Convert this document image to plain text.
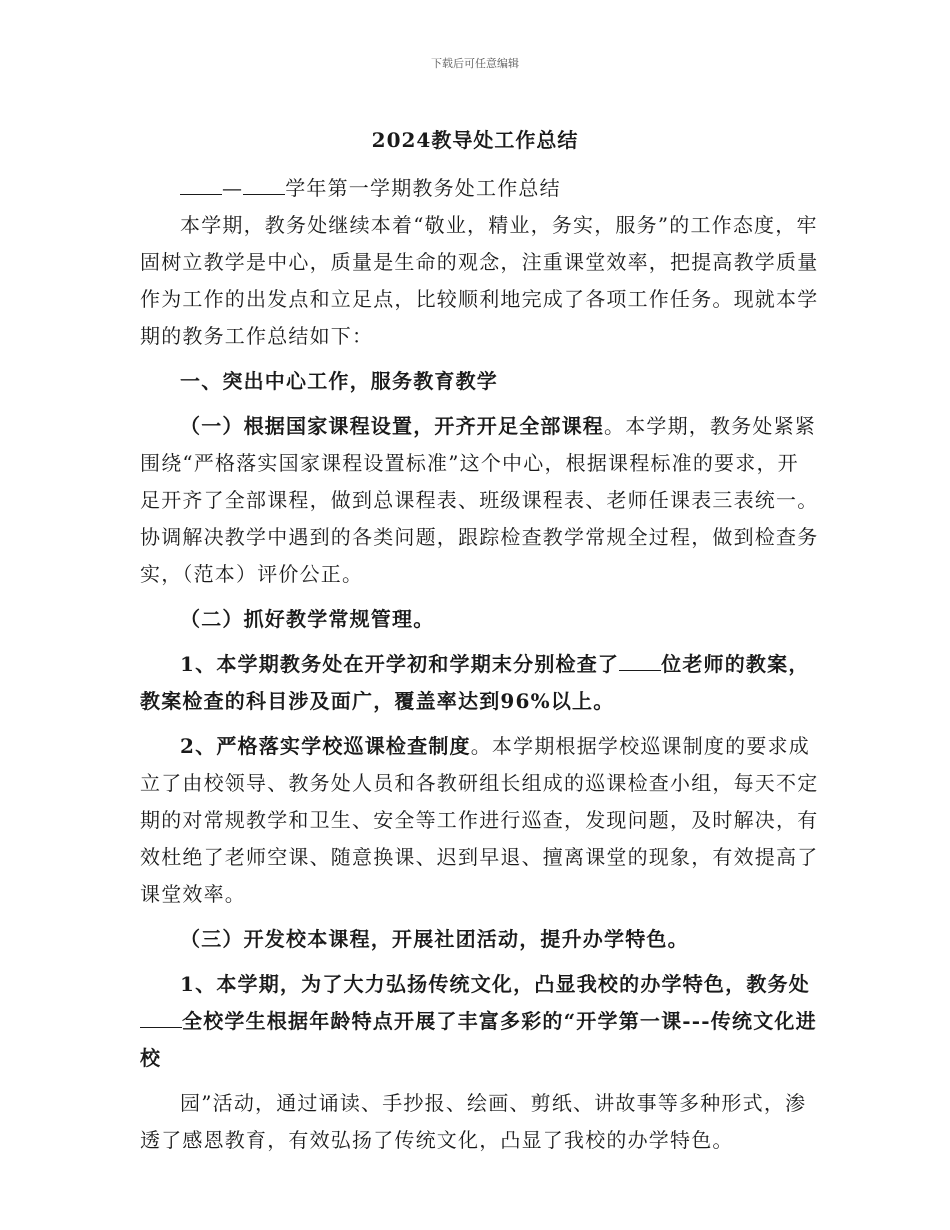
下载后可任意编辑
2024教导处工作总结

— 学年第一学期教务处工作总结

本学期，教务处继续本着“敬业，精业，务实，服务”的工作态度，牢固树立教学是中心，质量是生命的观念，注重课堂效率，把提高教学质量作为工作的出发点和立足点，比较顺利地完成了各项工作任务。现就本学期的教务工作总结如下：

一、突出中心工作，服务教育教学

（一）根据国家课程设置，开齐开足全部课程。本学期，教务处紧紧围绕“严格落实国家课程设置标准”这个中心，根据课程标准的要求，开足开齐了全部课程，做到总课程表、班级课程表、老师任课表三表统一。协调解决教学中遇到的各类问题，跟踪检查教学常规全过程，做到检查务实，（范本）评价公正。

（二）抓好教学常规管理。

1、本学期教务处在开学初和学期末分别检查了 位老师的教案，教案检查的科目涉及面广，覆盖率达到96%以上。

2、严格落实学校巡课检查制度。本学期根据学校巡课制度的要求成立了由校领导、教务处人员和各教研组长组成的巡课检查小组，每天不定期的对常规教学和卫生、安全等工作进行巡查，发现问题，及时解决，有效杜绝了老师空课、随意换课、迟到早退、擅离课堂的现象，有效提高了课堂效率。

（三）开发校本课程，开展社团活动，提升办学特色。

1、本学期，为了大力弘扬传统文化，凸显我校的办学特色，教务处全校学生根据年龄特点开展了丰富多彩的“开学第一课---传统文化进校

园”活动，通过诵读、手抄报、绘画、剪纸、讲故事等多种形式，渗透了感恩教育，有效弘扬了传统文化，凸显了我校的办学特色。
